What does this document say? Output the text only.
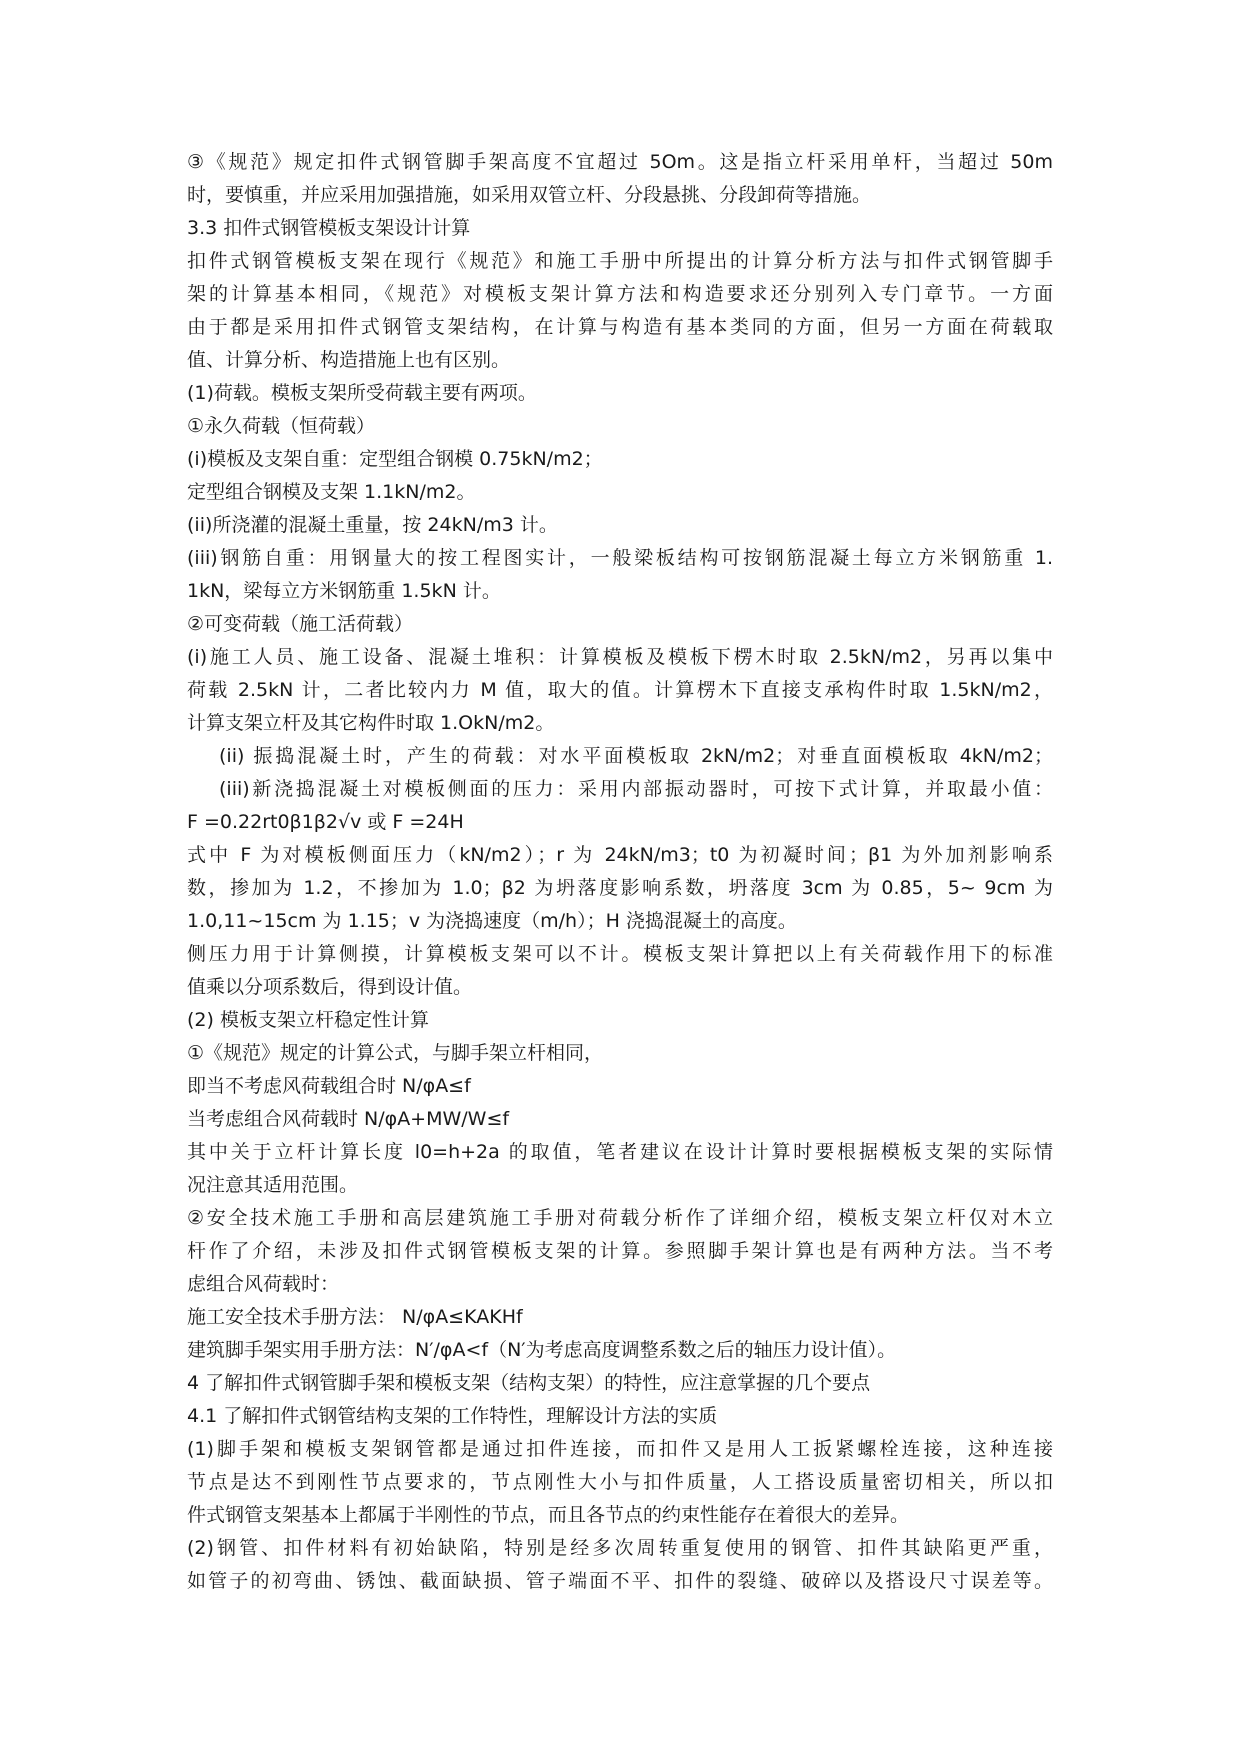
③《规范》规定扣件式钢管脚手架高度不宜超过 5Om。这是指立杆采用单杆，当超过 50m
时，要慎重，并应采用加强措施，如采用双管立杆、分段悬挑、分段卸荷等措施。
3.3 扣件式钢管模板支架设计计算
扣件式钢管模板支架在现行《规范》和施工手册中所提出的计算分析方法与扣件式钢管脚手
架的计算基本相同，《规范》对模板支架计算方法和构造要求还分别列入专门章节。一方面
由于都是采用扣件式钢管支架结构，在计算与构造有基本类同的方面，但另一方面在荷载取
值、计算分析、构造措施上也有区别。
(1)荷载。模板支架所受荷载主要有两项。
①永久荷载（恒荷载）
(i)模板及支架自重：定型组合钢模 0.75kN/m2；
定型组合钢模及支架 1.1kN/m2。
(ii)所浇灌的混凝土重量，按 24kN/m3 计。
(iii)钢筋自重：用钢量大的按工程图实计，一般梁板结构可按钢筋混凝土每立方米钢筋重 1.
1kN，梁每立方米钢筋重 1.5kN 计。
②可变荷载（施工活荷载）
(i)施工人员、施工设备、混凝土堆积：计算模板及模板下楞木时取 2.5kN/m2，另再以集中
荷载 2.5kN 计，二者比较内力 M 值，取大的值。计算楞木下直接支承构件时取 1.5kN/m2，
计算支架立杆及其它构件时取 1.OkN/m2。
(ii) 振捣混凝土时，产生的荷载：对水平面模板取 2kN/m2；对垂直面模板取 4kN/m2；
(iii)新浇捣混凝土对模板侧面的压力：采用内部振动器时，可按下式计算，并取最小值：
F =0.22rt0β1β2√v 或 F =24H
式中 F 为对模板侧面压力（kN/m2）；r 为 24kN/m3；t0 为初凝时间；β1 为外加剂影响系
数，掺加为 1.2，不掺加为 1.0；β2 为坍落度影响系数，坍落度 3cm 为 0.85，5~ 9cm 为
1.0,11~15cm 为 1.15；v 为浇捣速度（m/h）；H 浇捣混凝土的高度。
侧压力用于计算侧摸，计算模板支架可以不计。模板支架计算把以上有关荷载作用下的标准
值乘以分项系数后，得到设计值。
(2) 模板支架立杆稳定性计算
①《规范》规定的计算公式，与脚手架立杆相同，
即当不考虑风荷载组合时 N/φA≤f
当考虑组合风荷载时 N/φA+MW/W≤f
其中关于立杆计算长度 l0=h+2a 的取值，笔者建议在设计计算时要根据模板支架的实际情
况注意其适用范围。
②安全技术施工手册和高层建筑施工手册对荷载分析作了详细介绍，模板支架立杆仅对木立
杆作了介绍，未涉及扣件式钢管模板支架的计算。参照脚手架计算也是有两种方法。当不考
虑组合风荷载时：
施工安全技术手册方法： N/φA≤KAKHf
建筑脚手架实用手册方法：N′/φA<f（N′为考虑高度调整系数之后的轴压力设计值）。
4 了解扣件式钢管脚手架和模板支架（结构支架）的特性，应注意掌握的几个要点
4.1 了解扣件式钢管结构支架的工作特性，理解设计方法的实质
(1)脚手架和模板支架钢管都是通过扣件连接，而扣件又是用人工扳紧螺栓连接，这种连接
节点是达不到刚性节点要求的，节点刚性大小与扣件质量，人工搭设质量密切相关，所以扣
件式钢管支架基本上都属于半刚性的节点，而且各节点的约束性能存在着很大的差异。
(2)钢管、扣件材料有初始缺陷，特别是经多次周转重复使用的钢管、扣件其缺陷更严重，
如管子的初弯曲、锈蚀、截面缺损、管子端面不平、扣件的裂缝、破碎以及搭设尺寸误差等。
